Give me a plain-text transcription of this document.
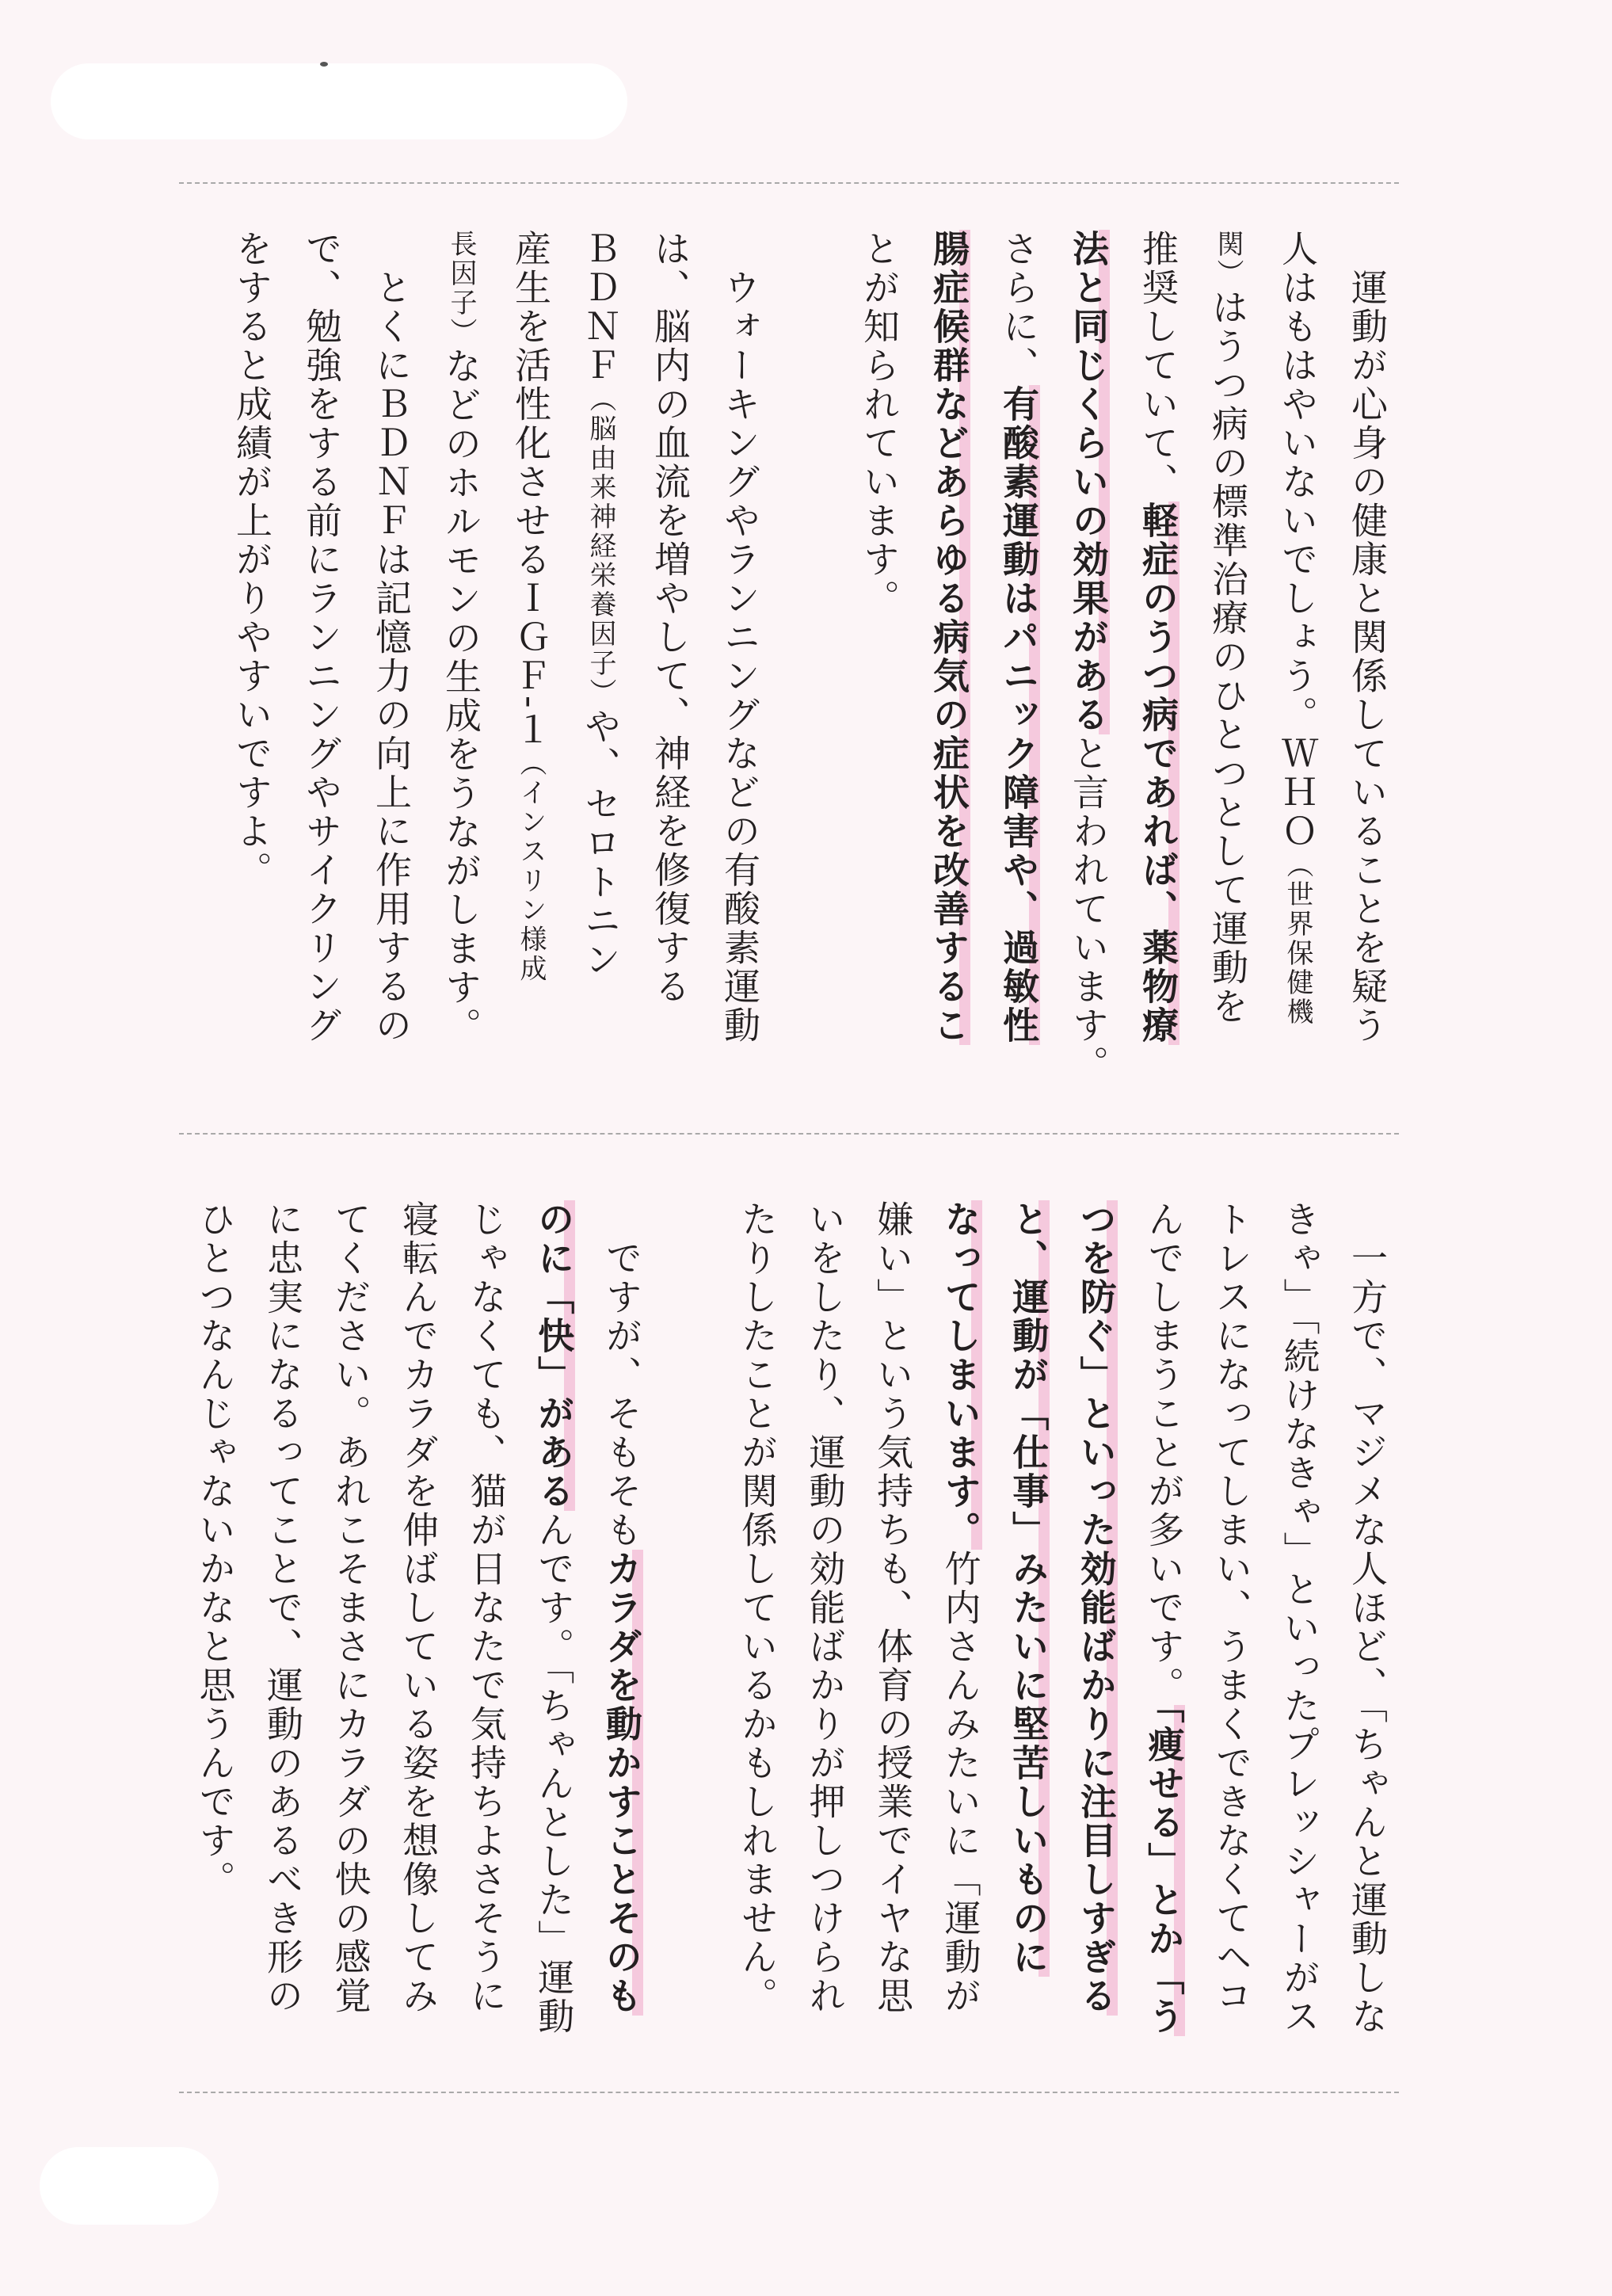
　運動が心身の健康と関係していることを疑う
人はもはやいないでしょう。ＷＨＯ（世界保健機
関）はうつ病の標準治療のひとつとして運動を
推奨していて、軽症のうつ病であれば、薬物療
法と同じくらいの効果があると言われています。
さらに、有酸素運動はパニック障害や、過敏性
腸症候群などあらゆる病気の症状を改善するこ
とが知られています。
　ウォーキングやランニングなどの有酸素運動
は、脳内の血流を増やして、神経を修復する
ＢＤＮＦ（脳由来神経栄養因子）や、セロトニン
産生を活性化させるＩＧＦ-１（インスリン様成
長因子）などのホルモンの生成をうながします。
　とくにＢＤＮＦは記憶力の向上に作用するの
で、勉強をする前にランニングやサイクリング
をすると成績が上がりやすいですよ。
　一方で、マジメな人ほど、「ちゃんと運動しな
きゃ」「続けなきゃ」といったプレッシャーがス
トレスになってしまい、うまくできなくてヘコ
んでしまうことが多いです。「痩せる」とか「う
つを防ぐ」といった効能ばかりに注目しすぎる
と、運動が「仕事」みたいに堅苦しいものに
なってしまいます。竹内さんみたいに「運動が
嫌い」という気持ちも、体育の授業でイヤな思
いをしたり、運動の効能ばかりが押しつけられ
たりしたことが関係しているかもしれません。
　ですが、そもそもカラダを動かすことそのも
のに「快」があるんです。「ちゃんとした」運動
じゃなくても、猫が日なたで気持ちよさそうに
寝転んでカラダを伸ばしている姿を想像してみ
てください。あれこそまさにカラダの快の感覚
に忠実になるってことで、運動のあるべき形の
ひとつなんじゃないかなと思うんです。
